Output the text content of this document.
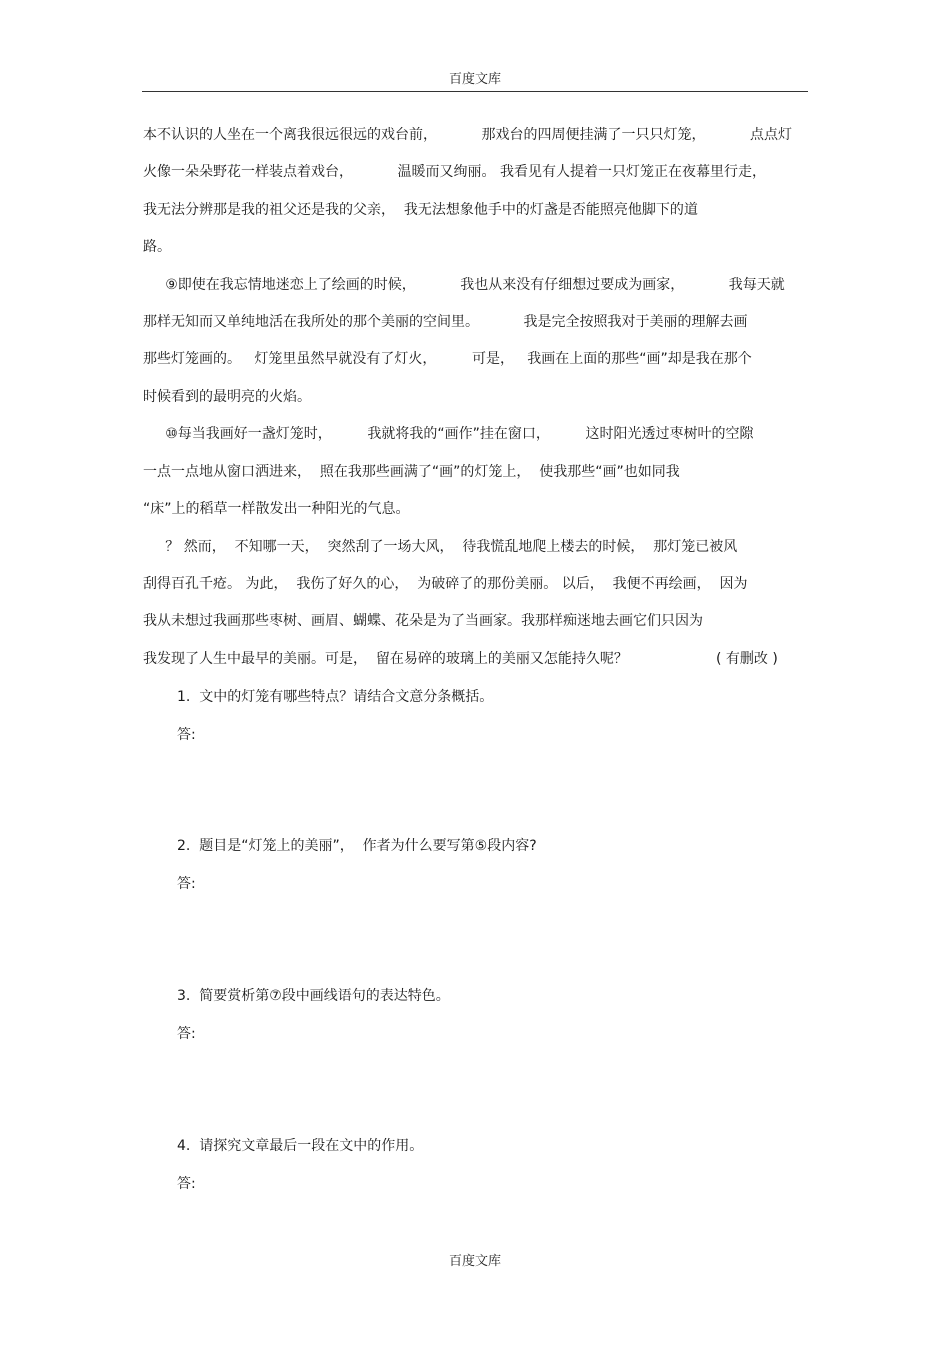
百度文库
本不认识的人坐在一个离我很远很远的戏台前，          那戏台的四周便挂满了一只只灯笼，          点点灯
火像一朵朵野花一样装点着戏台，          温暖而又绚丽。 我看见有人提着一只灯笼正在夜幕里行走，
我无法分辨那是我的祖父还是我的父亲，  我无法想象他手中的灯盏是否能照亮他脚下的道
路。
⑨即使在我忘情地迷恋上了绘画的时候，          我也从来没有仔细想过要成为画家，          我每天就
那样无知而又单纯地活在我所处的那个美丽的空间里。          我是完全按照我对于美丽的理解去画
那些灯笼画的。   灯笼里虽然早就没有了灯火，        可是，   我画在上面的那些“画”却是我在那个
时候看到的最明亮的火焰。
⑩每当我画好一盏灯笼时，        我就将我的“画作”挂在窗口，        这时阳光透过枣树叶的空隙
一点一点地从窗口洒进来，  照在我那些画满了“画”的灯笼上，  使我那些“画”也如同我
“床”上的稻草一样散发出一种阳光的气息。
？ 然而，  不知哪一天，  突然刮了一场大风，  待我慌乱地爬上楼去的时候，  那灯笼已被风
刮得百孔千疮。 为此，  我伤了好久的心，  为破碎了的那份美丽。 以后，  我便不再绘画，  因为
我从未想过我画那些枣树、画眉、蝴蝶、花朵是为了当画家。我那样痴迷地去画它们只因为
我发现了人生中最早的美丽。可是，  留在易碎的玻璃上的美丽又怎能持久呢？	( 有删改 )
1.  文中的灯笼有哪些特点？请结合文意分条概括。
答:
2.  题目是“灯笼上的美丽”，  作者为什么要写第⑤段内容?
答:
3.  简要赏析第⑦段中画线语句的表达特色。
答:
4.  请探究文章最后一段在文中的作用。
答:
百度文库
